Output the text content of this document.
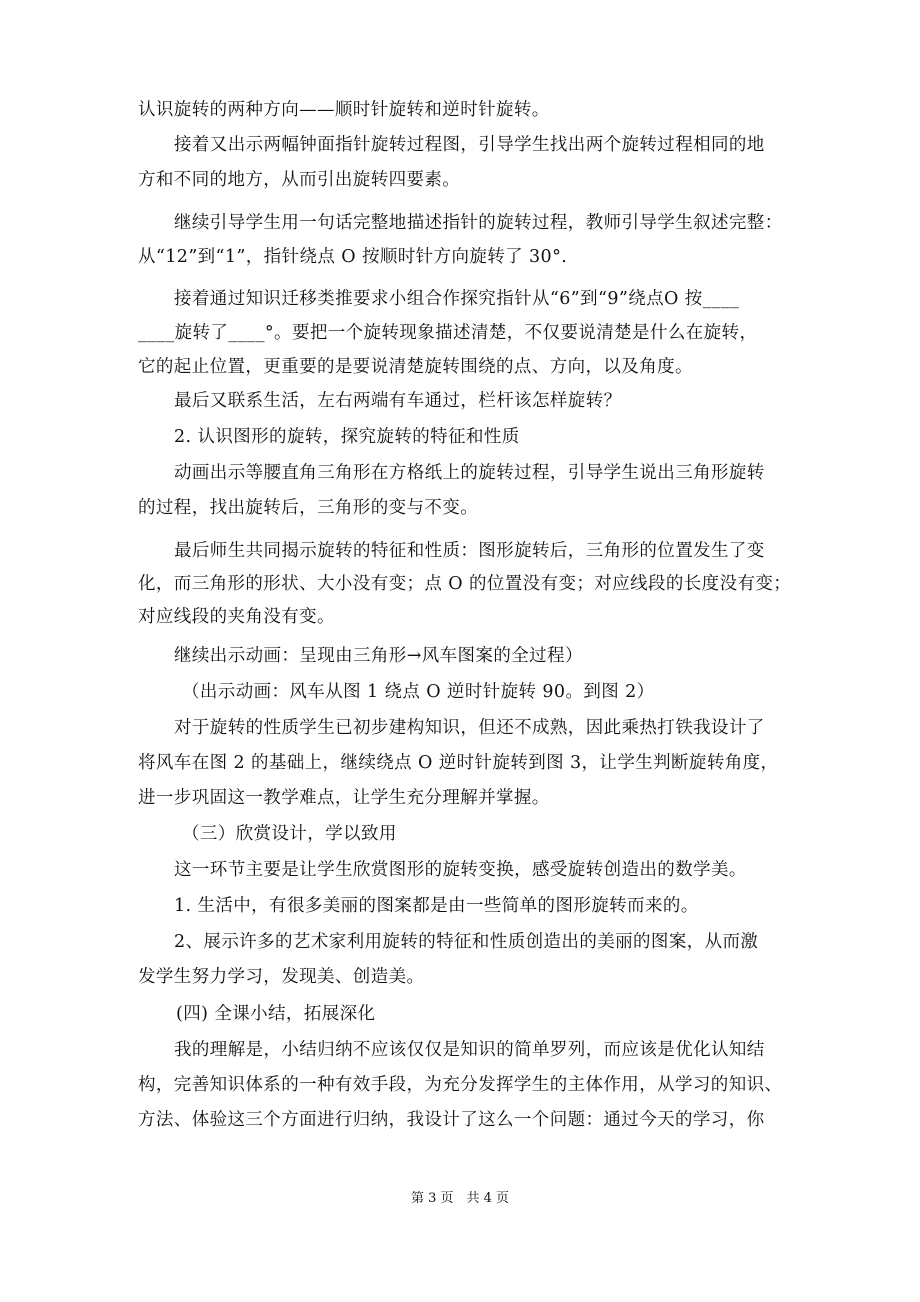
认识旋转的两种方向——顺时针旋转和逆时针旋转。
接着又出示两幅钟面指针旋转过程图，引导学生找出两个旋转过程相同的地
方和不同的地方，从而引出旋转四要素。
继续引导学生用一句话完整地描述指针的旋转过程，教师引导学生叙述完整：
从“12”到“1”，指针绕点 O 按顺时针方向旋转了 30°.
接着通过知识迁移类推要求小组合作探究指针从“6”到“9”绕点O 按____
____旋转了____°。要把一个旋转现象描述清楚，不仅要说清楚是什么在旋转，
它的起止位置，更重要的是要说清楚旋转围绕的点、方向，以及角度。
最后又联系生活，左右两端有车通过，栏杆该怎样旋转？
2. 认识图形的旋转，探究旋转的特征和性质
动画出示等腰直角三角形在方格纸上的旋转过程，引导学生说出三角形旋转
的过程，找出旋转后，三角形的变与不变。
最后师生共同揭示旋转的特征和性质：图形旋转后，三角形的位置发生了变
化，而三角形的形状、大小没有变；点 O 的位置没有变；对应线段的长度没有变；
对应线段的夹角没有变。
继续出示动画：呈现由三角形→风车图案的全过程）
（出示动画：风车从图 1 绕点 O 逆时针旋转 90。到图 2）
对于旋转的性质学生已初步建构知识，但还不成熟，因此乘热打铁我设计了
将风车在图 2 的基础上，继续绕点 O 逆时针旋转到图 3，让学生判断旋转角度，
进一步巩固这一教学难点，让学生充分理解并掌握。
（三）欣赏设计，学以致用
这一环节主要是让学生欣赏图形的旋转变换，感受旋转创造出的数学美。
1. 生活中，有很多美丽的图案都是由一些简单的图形旋转而来的。
2、展示许多的艺术家利用旋转的特征和性质创造出的美丽的图案，从而激
发学生努力学习，发现美、创造美。
(四) 全课小结，拓展深化
我的理解是，小结归纳不应该仅仅是知识的简单罗列，而应该是优化认知结
构，完善知识体系的一种有效手段，为充分发挥学生的主体作用，从学习的知识、
方法、体验这三个方面进行归纳，我设计了这么一个问题：通过今天的学习，你
第 3 页　共 4 页
